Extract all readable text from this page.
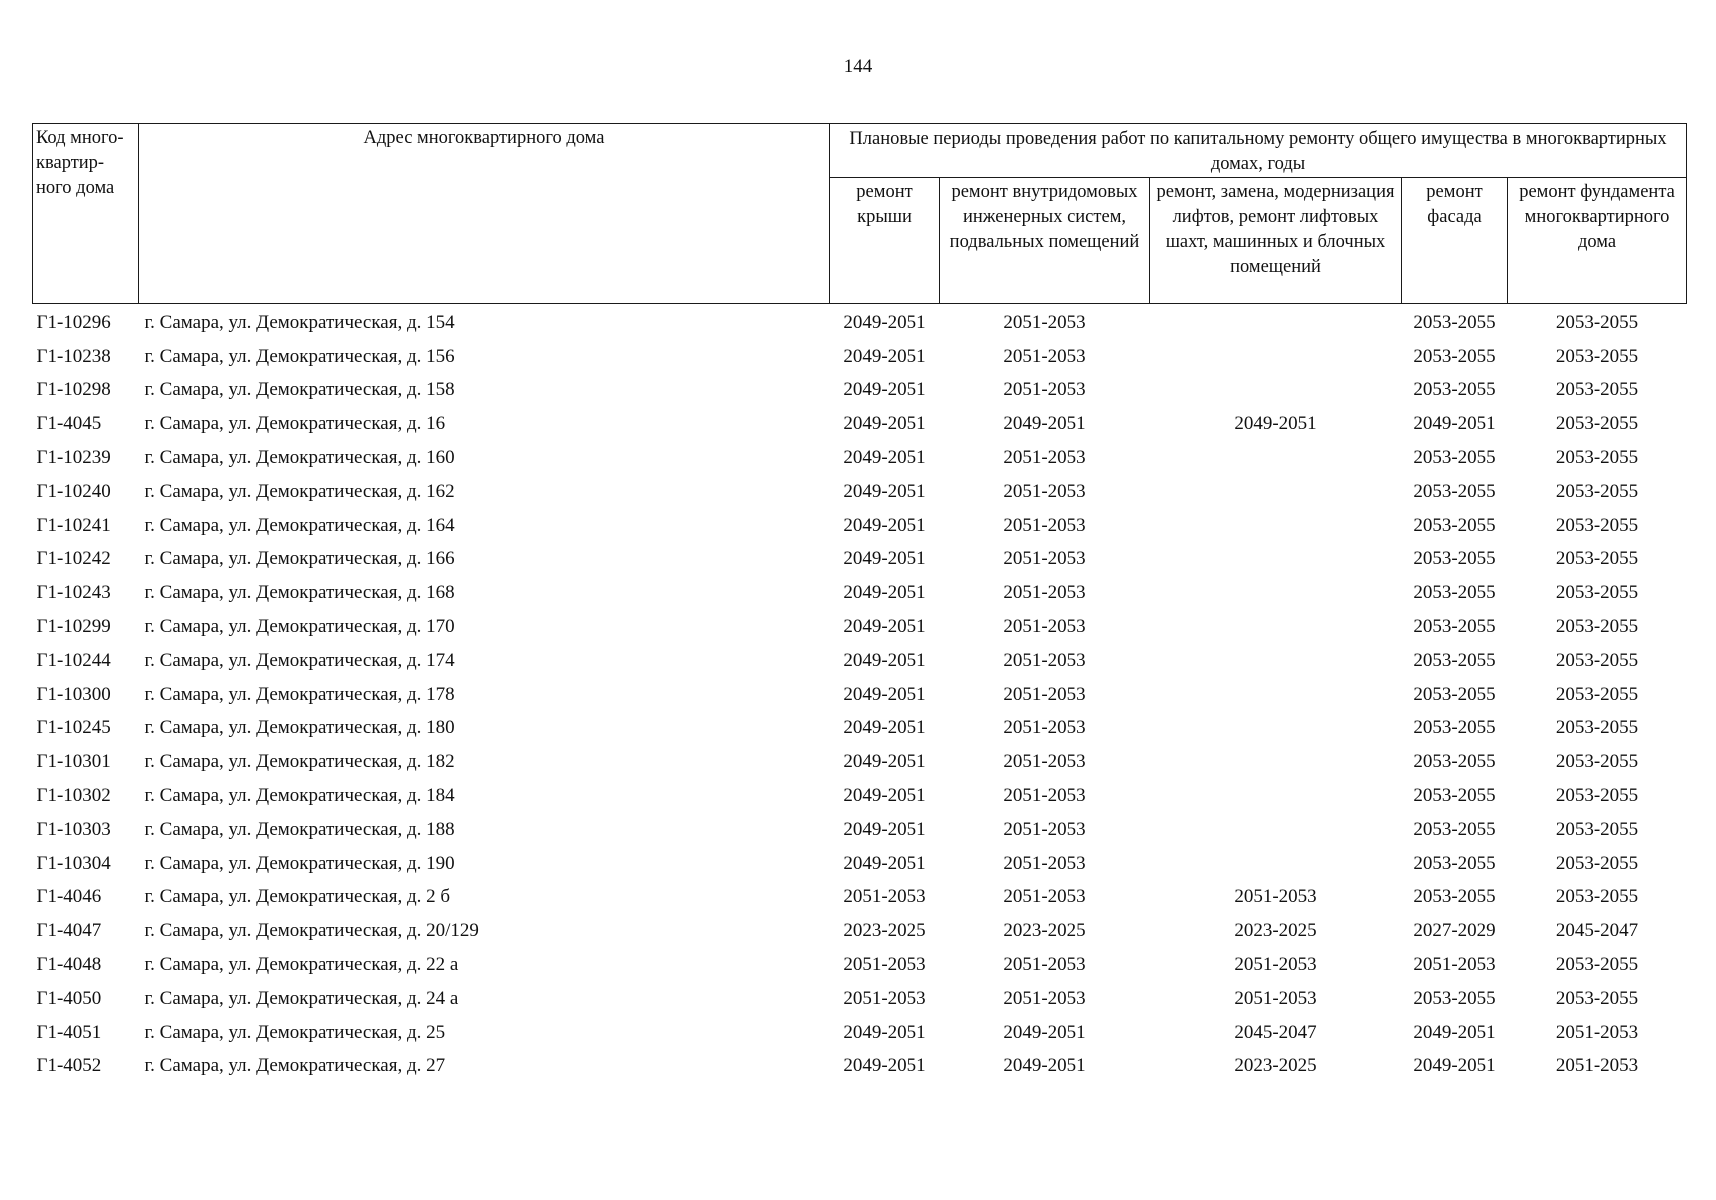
144
Код много-квартир-ного дома	Адрес многоквартирного дома	Плановые периоды проведения работ по капитальному ремонту общего имущества в многоквартирных домах, годы				
		ремонт крыши	ремонт внутридомовых инженерных систем, подвальных помещений	ремонт, замена, модернизация лифтов, ремонт лифтовых шахт, машинных и блочных помещений	ремонт фасада	ремонт фундамента многоквартирного дома
Г1-10296	г. Самара, ул. Демократическая, д. 154	2049-2051	2051-2053		2053-2055	2053-2055
Г1-10238	г. Самара, ул. Демократическая, д. 156	2049-2051	2051-2053		2053-2055	2053-2055
Г1-10298	г. Самара, ул. Демократическая, д. 158	2049-2051	2051-2053		2053-2055	2053-2055
Г1-4045	г. Самара, ул. Демократическая, д. 16	2049-2051	2049-2051	2049-2051	2049-2051	2053-2055
Г1-10239	г. Самара, ул. Демократическая, д. 160	2049-2051	2051-2053		2053-2055	2053-2055
Г1-10240	г. Самара, ул. Демократическая, д. 162	2049-2051	2051-2053		2053-2055	2053-2055
Г1-10241	г. Самара, ул. Демократическая, д. 164	2049-2051	2051-2053		2053-2055	2053-2055
Г1-10242	г. Самара, ул. Демократическая, д. 166	2049-2051	2051-2053		2053-2055	2053-2055
Г1-10243	г. Самара, ул. Демократическая, д. 168	2049-2051	2051-2053		2053-2055	2053-2055
Г1-10299	г. Самара, ул. Демократическая, д. 170	2049-2051	2051-2053		2053-2055	2053-2055
Г1-10244	г. Самара, ул. Демократическая, д. 174	2049-2051	2051-2053		2053-2055	2053-2055
Г1-10300	г. Самара, ул. Демократическая, д. 178	2049-2051	2051-2053		2053-2055	2053-2055
Г1-10245	г. Самара, ул. Демократическая, д. 180	2049-2051	2051-2053		2053-2055	2053-2055
Г1-10301	г. Самара, ул. Демократическая, д. 182	2049-2051	2051-2053		2053-2055	2053-2055
Г1-10302	г. Самара, ул. Демократическая, д. 184	2049-2051	2051-2053		2053-2055	2053-2055
Г1-10303	г. Самара, ул. Демократическая, д. 188	2049-2051	2051-2053		2053-2055	2053-2055
Г1-10304	г. Самара, ул. Демократическая, д. 190	2049-2051	2051-2053		2053-2055	2053-2055
Г1-4046	г. Самара, ул. Демократическая, д. 2 б	2051-2053	2051-2053	2051-2053	2053-2055	2053-2055
Г1-4047	г. Самара, ул. Демократическая, д. 20/129	2023-2025	2023-2025	2023-2025	2027-2029	2045-2047
Г1-4048	г. Самара, ул. Демократическая, д. 22 а	2051-2053	2051-2053	2051-2053	2051-2053	2053-2055
Г1-4050	г. Самара, ул. Демократическая, д. 24 а	2051-2053	2051-2053	2051-2053	2053-2055	2053-2055
Г1-4051	г. Самара, ул. Демократическая, д. 25	2049-2051	2049-2051	2045-2047	2049-2051	2051-2053
Г1-4052	г. Самара, ул. Демократическая, д. 27	2049-2051	2049-2051	2023-2025	2049-2051	2051-2053
